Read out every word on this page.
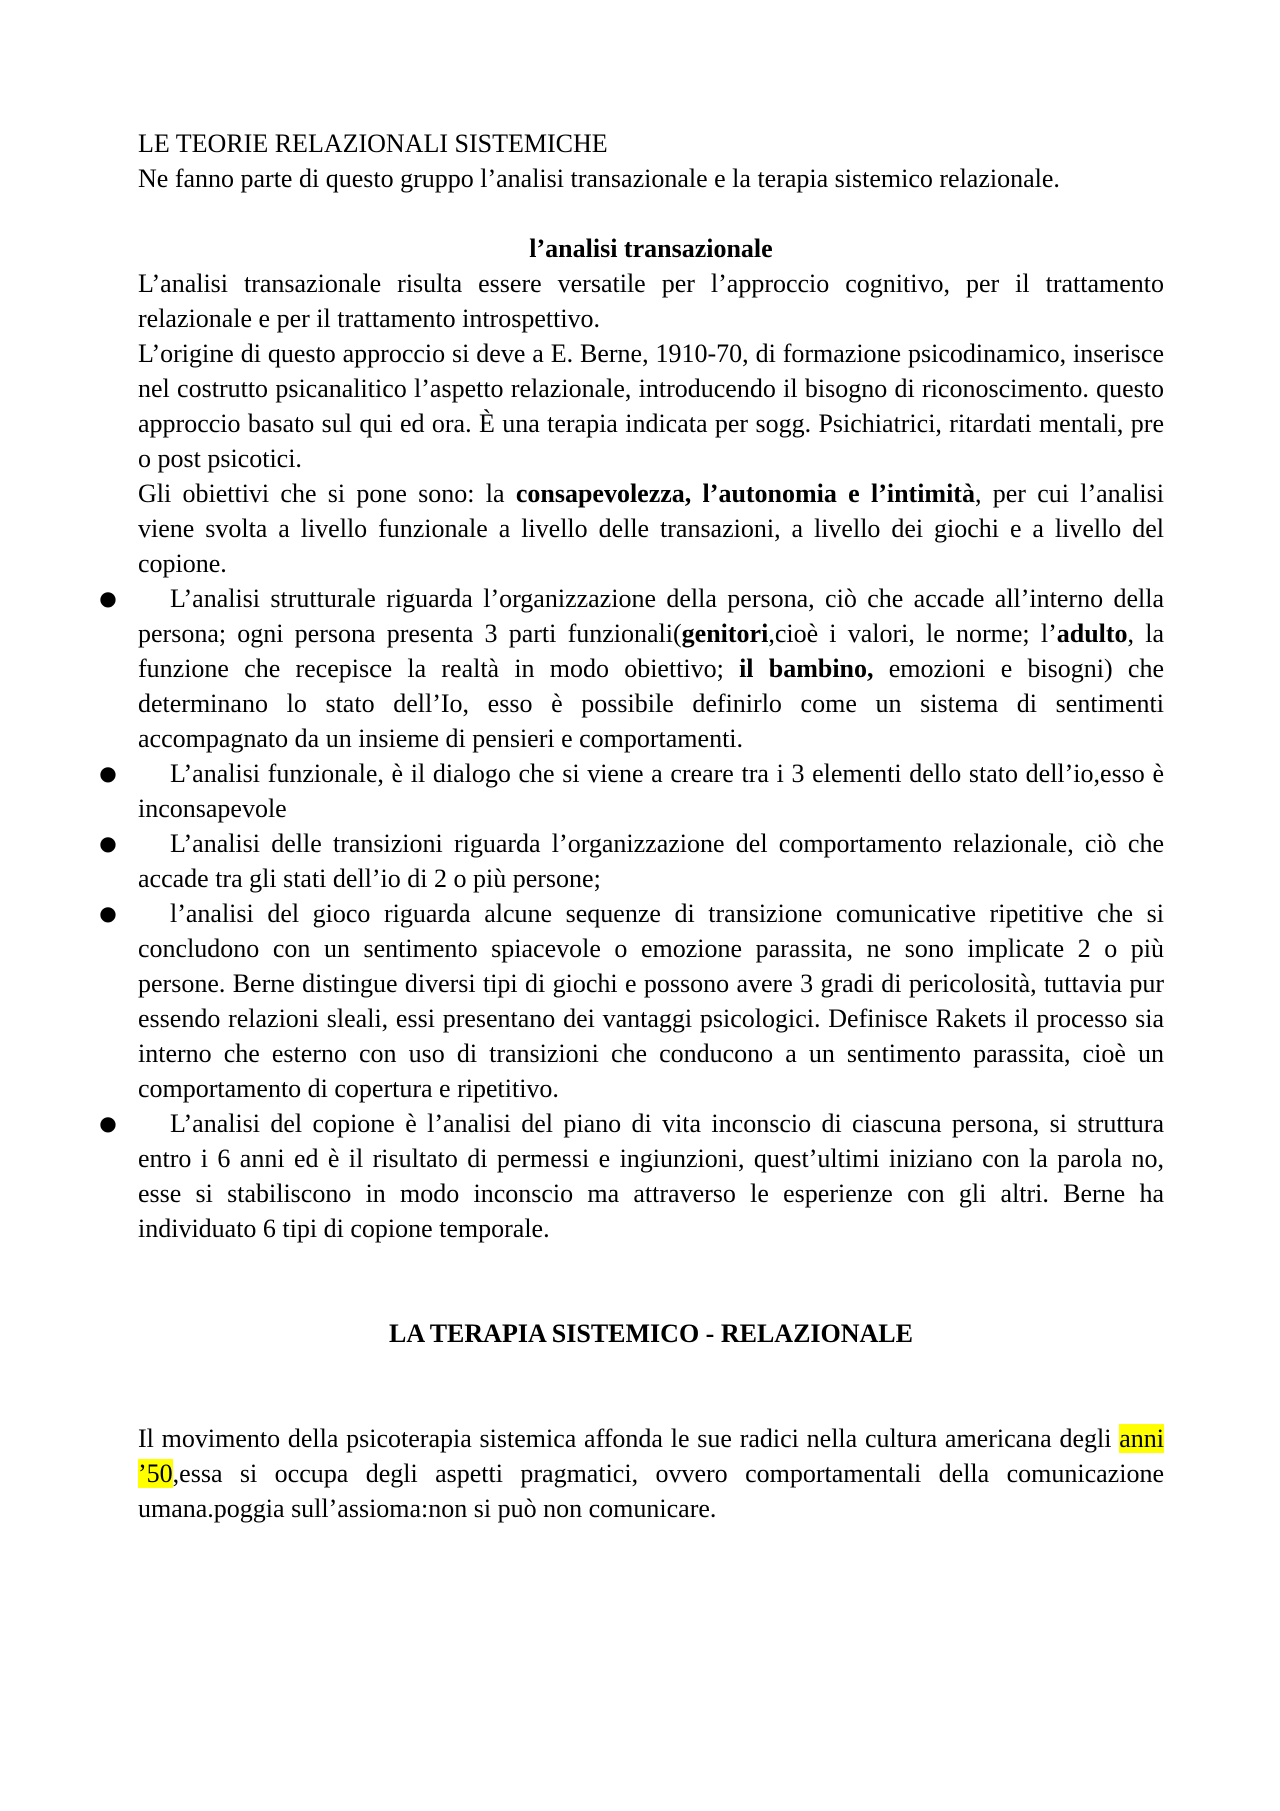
LE TEORIE RELAZIONALI SISTEMICHE

Ne fanno parte di questo gruppo l’analisi transazionale e la terapia sistemico relazionale.

l’analisi transazionale

L’analisi transazionale risulta essere versatile per l’approccio cognitivo, per il trattamento relazionale e per il trattamento introspettivo.

L’origine di questo approccio si deve a E. Berne, 1910-70, di formazione psicodinamico, inserisce nel costrutto psicanalitico l’aspetto relazionale, introducendo il bisogno di riconoscimento. questo approccio basato sul qui ed ora. È una terapia indicata per sogg. Psichiatrici, ritardati mentali, pre o post psicotici.

Gli obiettivi che si pone sono: la consapevolezza, l’autonomia e l’intimità, per cui l’analisi viene svolta a livello funzionale a livello delle transazioni, a livello dei giochi e a livello del copione.

● L’analisi strutturale riguarda l’organizzazione della persona, ciò che accade all’interno della persona; ogni persona presenta 3 parti funzionali(genitori,cioè i valori, le norme; l’adulto, la funzione che recepisce la realtà in modo obiettivo; il bambino, emozioni e bisogni) che determinano lo stato dell’Io, esso è possibile definirlo come un sistema di sentimenti accompagnato da un insieme di pensieri e comportamenti.
● L’analisi funzionale, è il dialogo che si viene a creare tra i 3 elementi dello stato dell’io,esso è inconsapevole
● L’analisi delle transizioni riguarda l’organizzazione del comportamento relazionale, ciò che accade tra gli stati dell’io di 2 o più persone;
● l’analisi del gioco riguarda alcune sequenze di transizione comunicative ripetitive che si concludono con un sentimento spiacevole o emozione parassita, ne sono implicate 2 o più persone. Berne distingue diversi tipi di giochi e possono avere 3 gradi di pericolosità, tuttavia pur essendo relazioni sleali, essi presentano dei vantaggi psicologici. Definisce Rakets il processo sia interno che esterno con uso di transizioni che conducono a un sentimento parassita, cioè un comportamento di copertura e ripetitivo.
● L’analisi del copione è l’analisi del piano di vita inconscio di ciascuna persona, si struttura entro i 6 anni ed è il risultato di permessi e ingiunzioni, quest’ultimi iniziano con la parola no, esse si stabiliscono in modo inconscio ma attraverso le esperienze con gli altri. Berne ha individuato 6 tipi di copione temporale.

LA TERAPIA SISTEMICO - RELAZIONALE

Il movimento della psicoterapia sistemica affonda le sue radici nella cultura americana degli anni ’50,essa si occupa degli aspetti pragmatici, ovvero comportamentali della comunicazione umana.poggia sull’assioma:non si può non comunicare.
